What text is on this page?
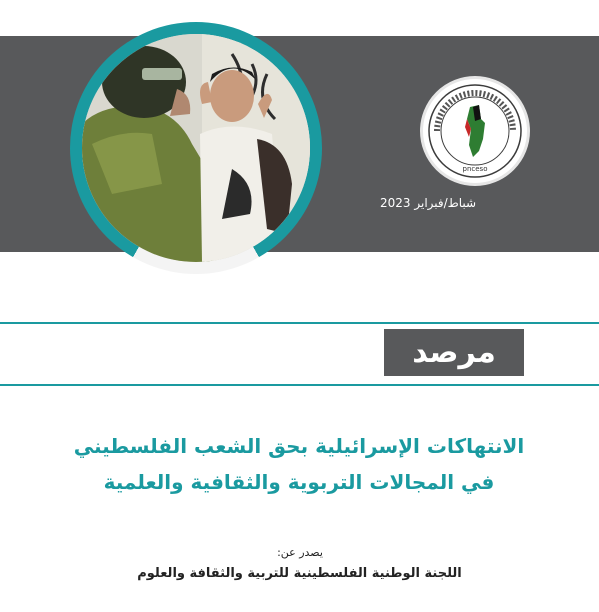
pnceso
شباط/فبراير 2023
مرصد
الانتهاكات الإسرائيلية بحق الشعب الفلسطيني
في المجالات التربوية والثقافية والعلمية
يصدر عن:
اللجنة الوطنية الفلسطينية للتربية والثقافة والعلوم
